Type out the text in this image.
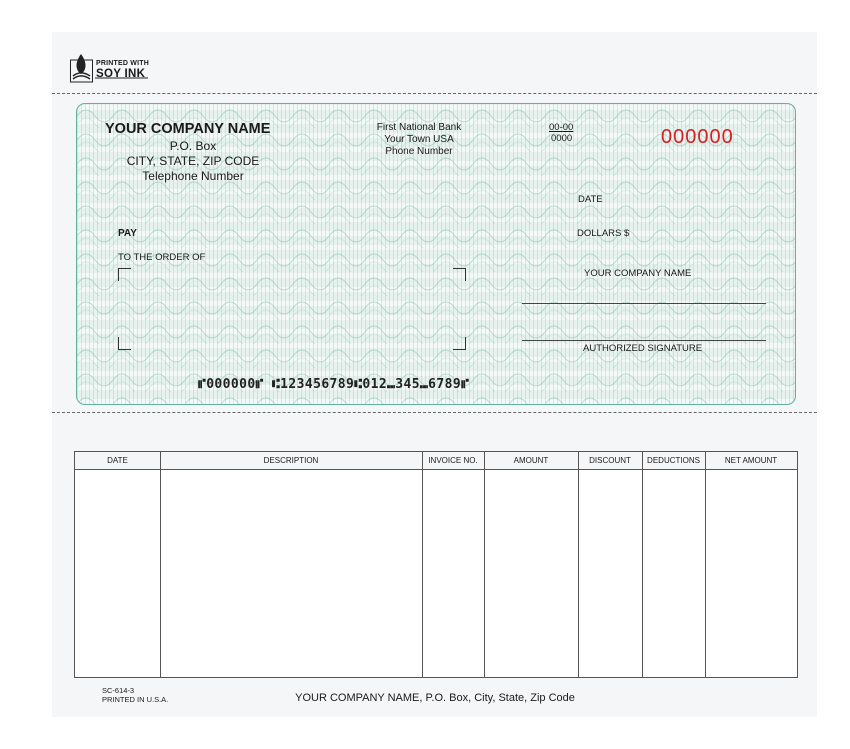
PRINTED WITH
SOY INK
YOUR COMPANY NAME
P.O. Box
CITY, STATE, ZIP CODE
Telephone Number
First National Bank
Your Town USA
Phone Number
00-00
0000	000000
DATE
PAY	DOLLARS $
TO THE ORDER OF
YOUR COMPANY NAME
AUTHORIZED SIGNATURE
⑈000000⑈ ⑆123456789⑆012⑉345⑉6789⑈
DATE	DESCRIPTION	INVOICE NO.	AMOUNT	DISCOUNT	DEDUCTIONS	NET AMOUNT
SC-614-3
PRINTED IN U.S.A.	YOUR COMPANY NAME, P.O. Box, City, State, Zip Code
